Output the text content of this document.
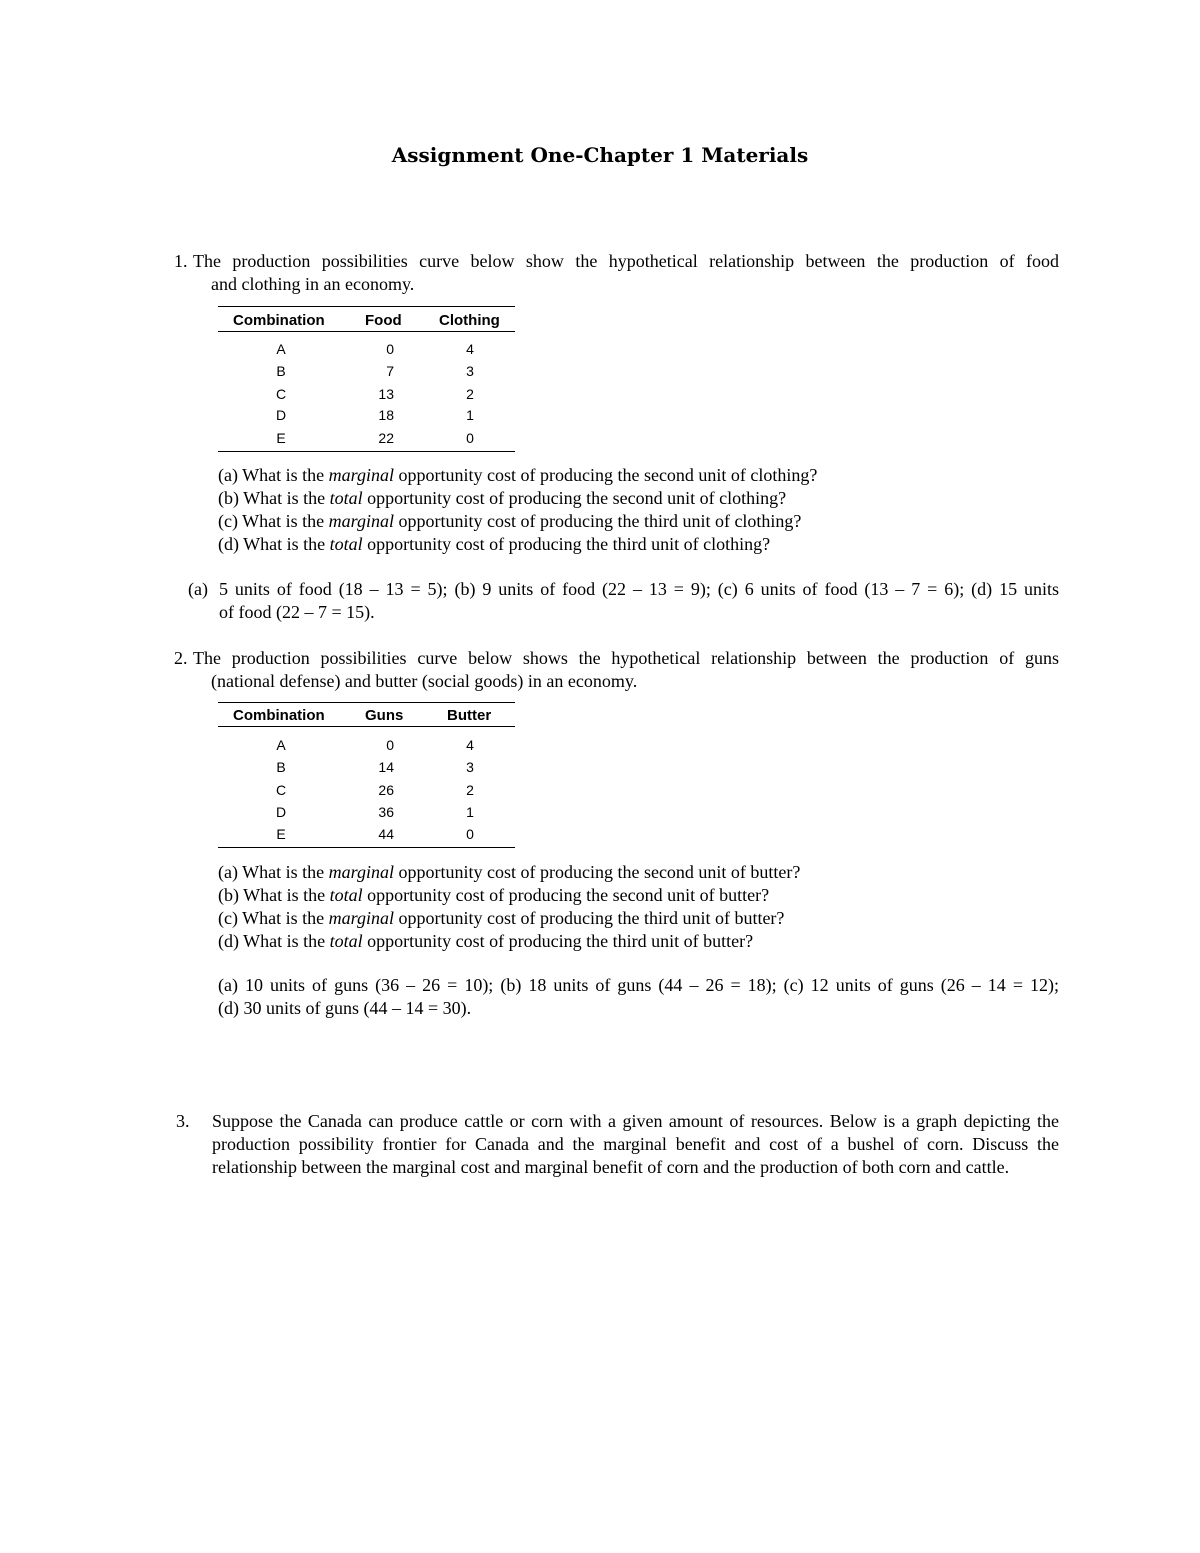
Assignment One-Chapter 1 Materials
1. The production possibilities curve below show the hypothetical relationship between the production of food
and clothing in an economy.
Combination	Food Clothing
A	0	4
B	7	3
C	13	2
D	18	1
E	22	0
(a) What is the marginal opportunity cost of producing the second unit of clothing?
(b) What is the total opportunity cost of producing the second unit of clothing?
(c) What is the marginal opportunity cost of producing the third unit of clothing?
(d) What is the total opportunity cost of producing the third unit of clothing?
(a) 5 units of food (18 – 13 = 5); (b) 9 units of food (22 – 13 = 9); (c) 6 units of food (13 – 7 = 6); (d) 15 units
of food (22 – 7 = 15).
2. The production possibilities curve below shows the hypothetical relationship between the production of guns
(national defense) and butter (social goods) in an economy.
Combination	Guns	Butter
A	0	4
B	14	3
C	26	2
D	36	1
E	44	0
(a) What is the marginal opportunity cost of producing the second unit of butter?
(b) What is the total opportunity cost of producing the second unit of butter?
(c) What is the marginal opportunity cost of producing the third unit of butter?
(d) What is the total opportunity cost of producing the third unit of butter?
(a) 10 units of guns (36 – 26 = 10); (b) 18 units of guns (44 – 26 = 18); (c) 12 units of guns (26 – 14 = 12);
(d) 30 units of guns (44 – 14 = 30).
3. Suppose the Canada can produce cattle or corn with a given amount of resources. Below is a graph depicting the production possibility frontier for Canada and the marginal benefit and cost of a bushel of corn. Discuss the relationship between the marginal cost and marginal benefit of corn and the production of both corn and cattle.
